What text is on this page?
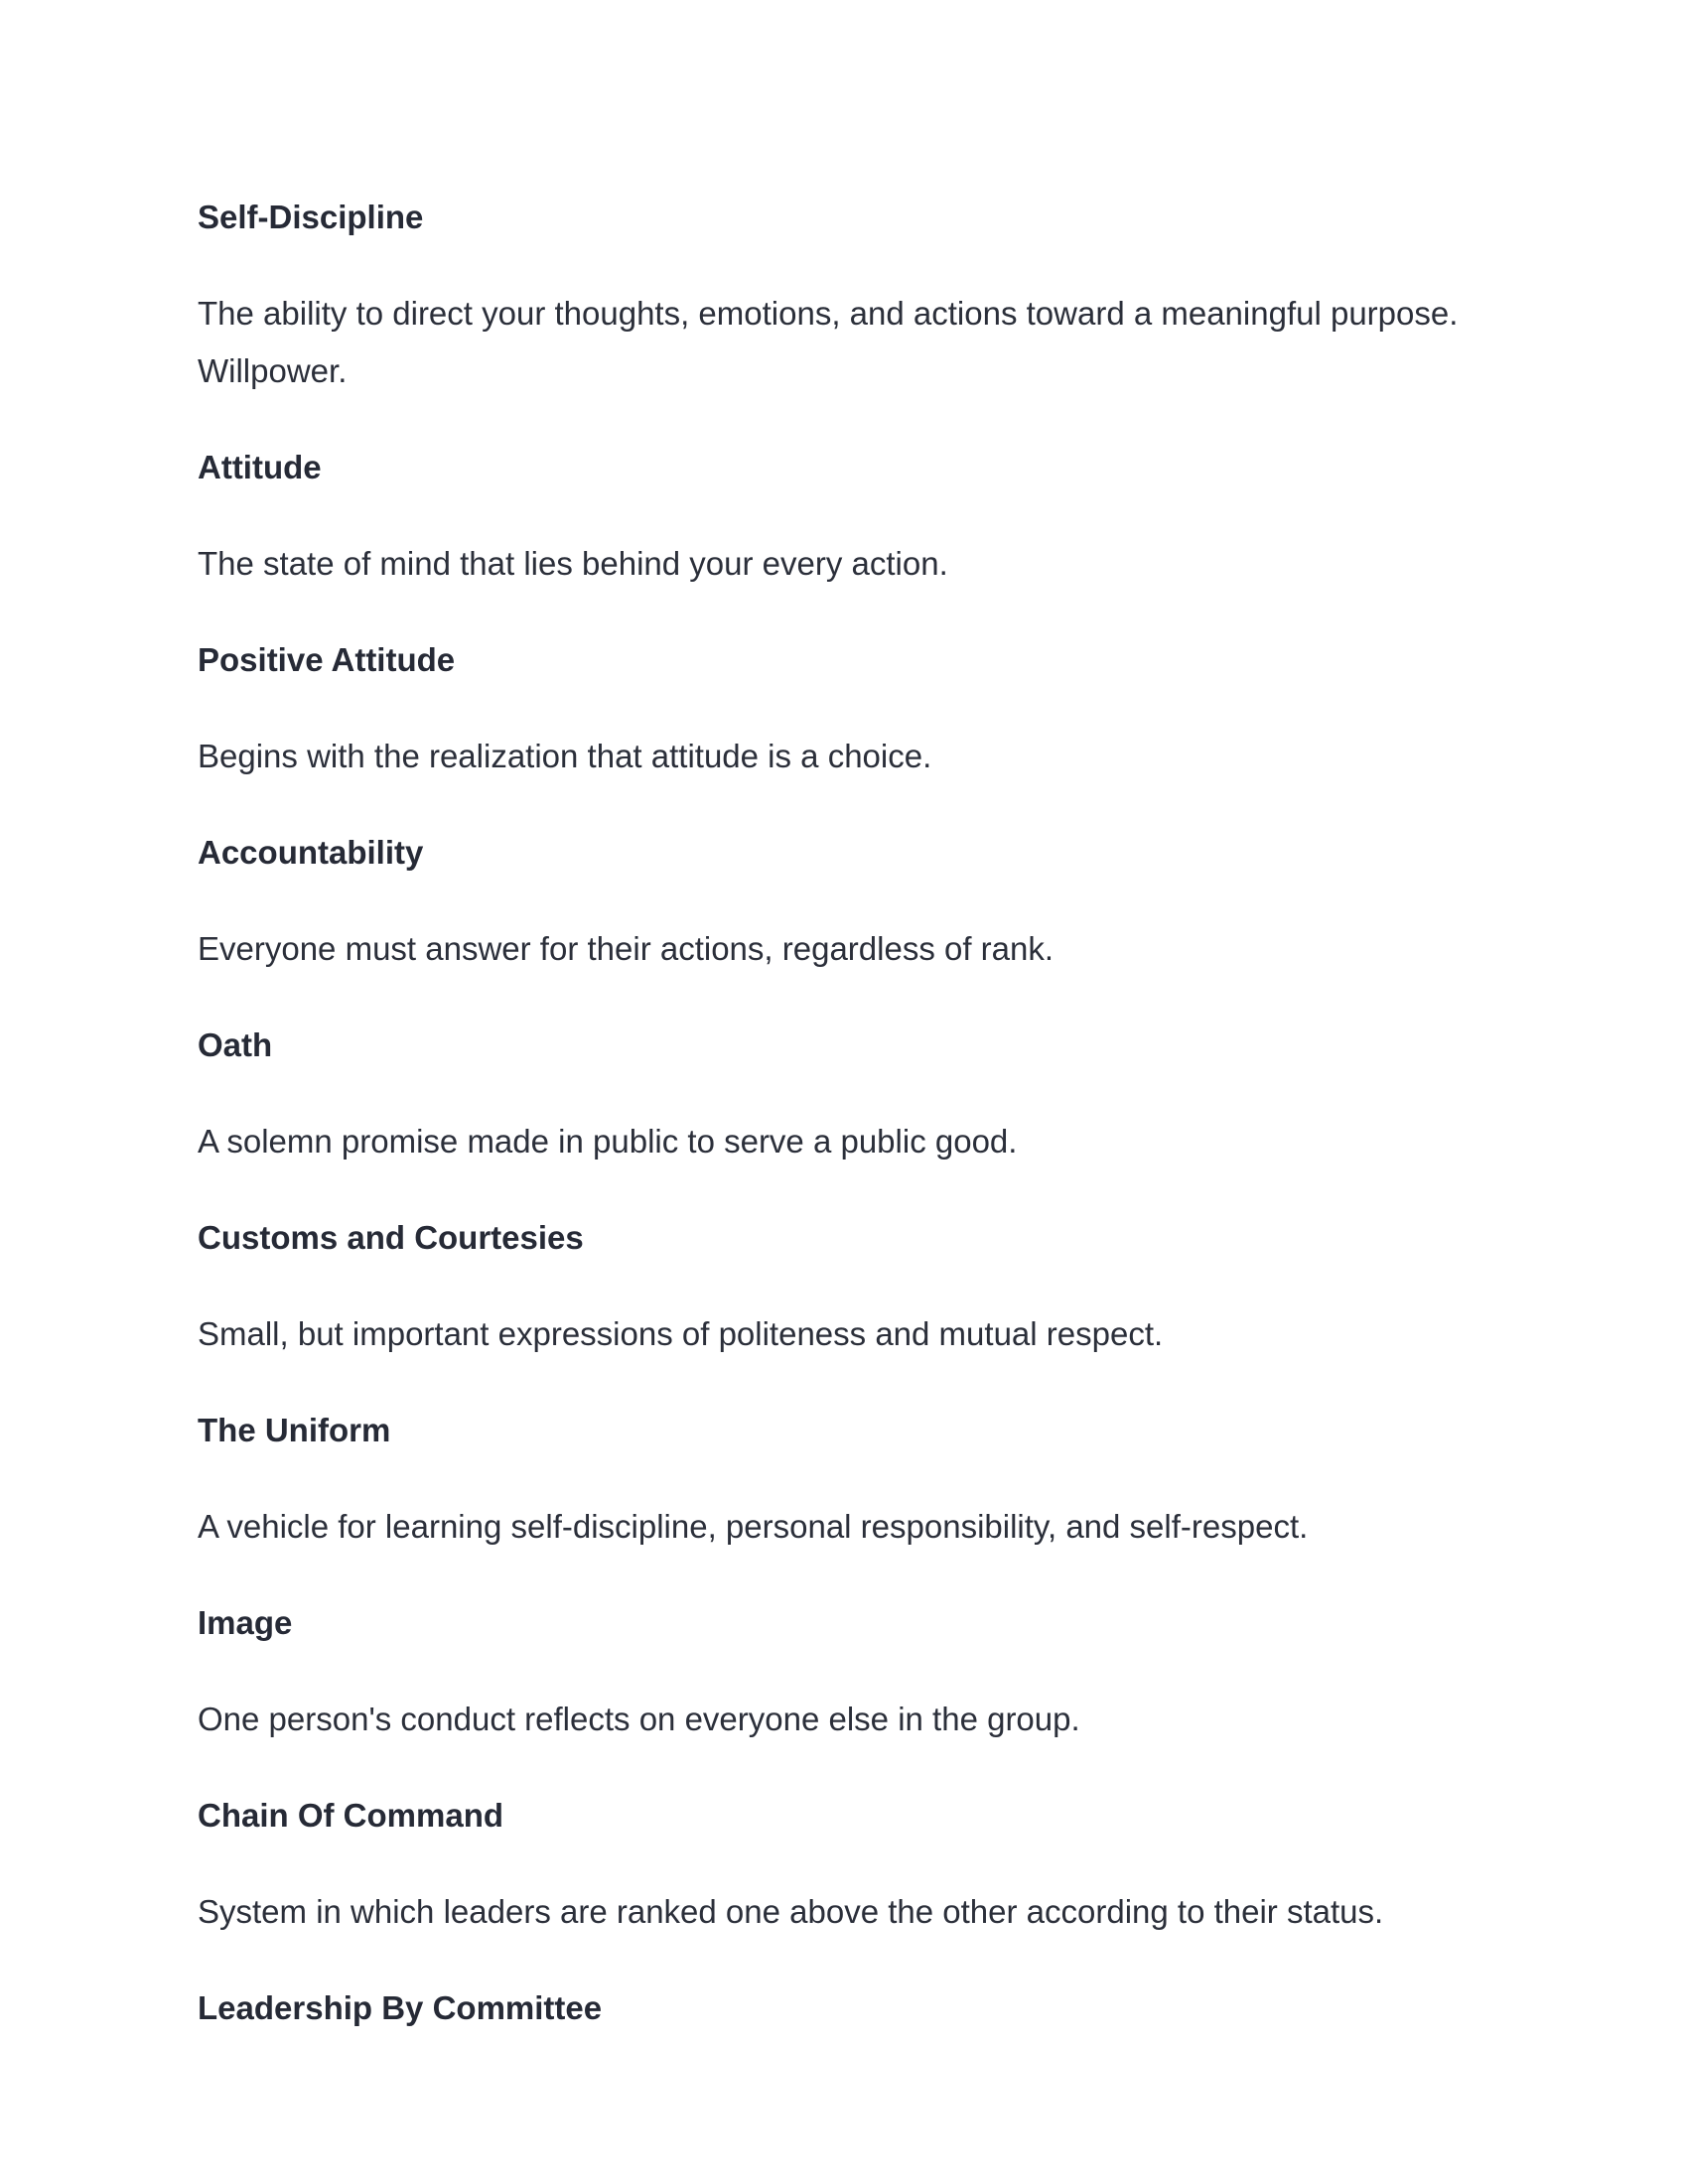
Self-Discipline
The ability to direct your thoughts, emotions, and actions toward a meaningful purpose.
Willpower.
Attitude
The state of mind that lies behind your every action.
Positive Attitude
Begins with the realization that attitude is a choice.
Accountability
Everyone must answer for their actions, regardless of rank.
Oath
A solemn promise made in public to serve a public good.
Customs and Courtesies
Small, but important expressions of politeness and mutual respect.
The Uniform
A vehicle for learning self-discipline, personal responsibility, and self-respect.
Image
One person's conduct reflects on everyone else in the group.
Chain Of Command
System in which leaders are ranked one above the other according to their status.
Leadership By Committee
